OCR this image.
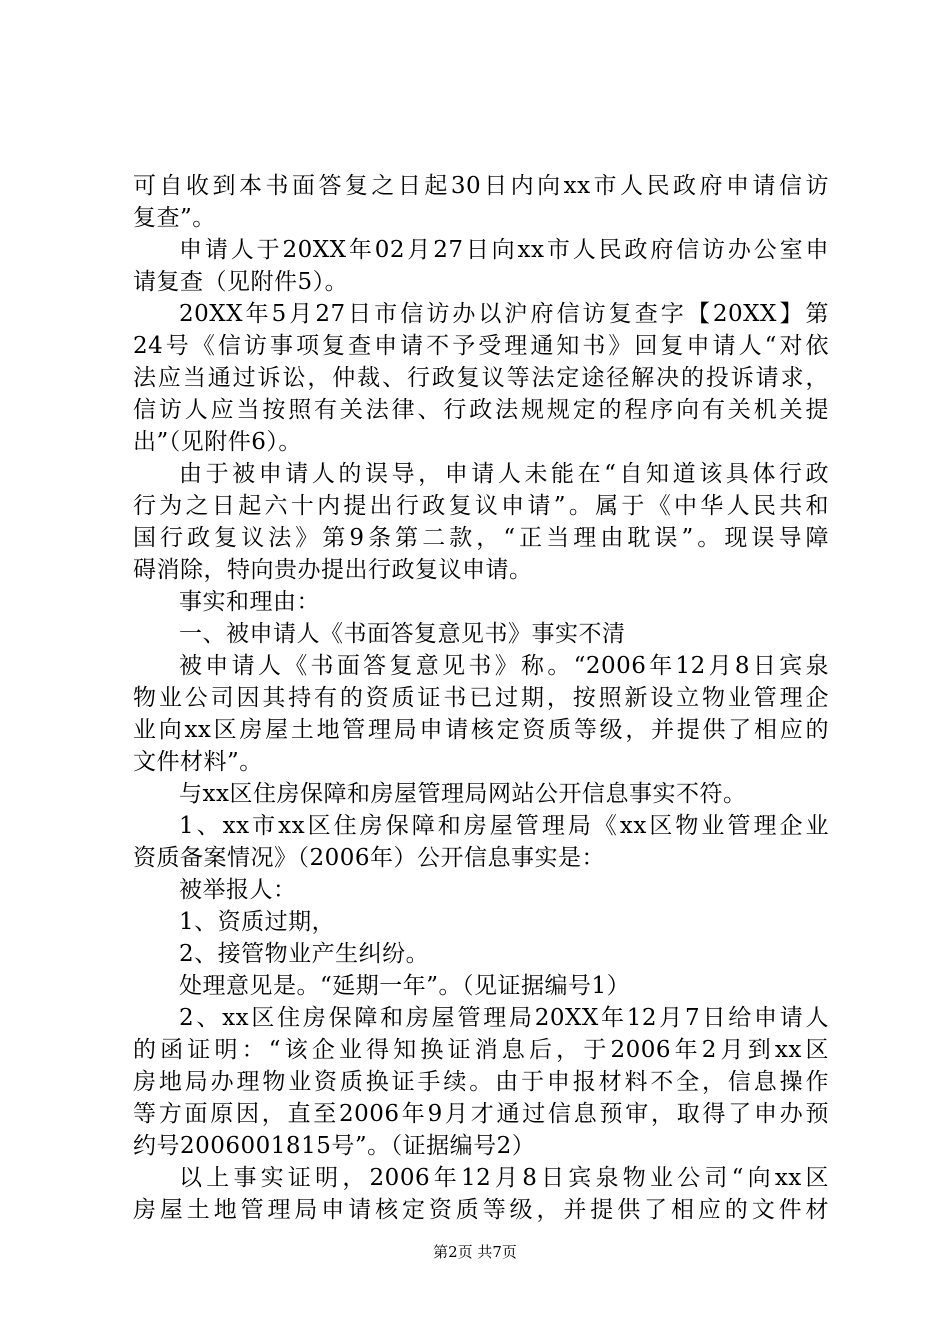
可自收到本书面答复之日起30日内向xx市人民政府申请信访
复查”。
申请人于20XX年02月27日向xx市人民政府信访办公室申
请复查（见附件5）。
20XX年5月27日市信访办以沪府信访复查字【20XX】第
24号《信访事项复查申请不予受理通知书》回复申请人“对依
法应当通过诉讼，仲裁、行政复议等法定途径解决的投诉请求，
信访人应当按照有关法律、行政法规规定的程序向有关机关提
出”（见附件6）。
由于被申请人的误导，申请人未能在“自知道该具体行政
行为之日起六十内提出行政复议申请”。属于《中华人民共和
国行政复议法》第9条第二款，“正当理由耽误”。现误导障
碍消除，特向贵办提出行政复议申请。
事实和理由：
一、被申请人《书面答复意见书》事实不清
被申请人《书面答复意见书》称。“2006年12月8日宾泉
物业公司因其持有的资质证书已过期，按照新设立物业管理企
业向xx区房屋土地管理局申请核定资质等级，并提供了相应的
文件材料”。
与xx区住房保障和房屋管理局网站公开信息事实不符。
1、xx市xx区住房保障和房屋管理局《xx区物业管理企业
资质备案情况》（2006年）公开信息事实是：
被举报人：
1、资质过期，
2、接管物业产生纠纷。
处理意见是。“延期一年”。（见证据编号1）
2、xx区住房保障和房屋管理局20XX年12月7日给申请人
的函证明：“该企业得知换证消息后，于2006年2月到xx区
房地局办理物业资质换证手续。由于申报材料不全，信息操作
等方面原因，直至2006年9月才通过信息预审，取得了申办预
约号2006001815号”。（证据编号2）
以上事实证明，2006年12月8日宾泉物业公司“向xx区
房屋土地管理局申请核定资质等级，并提供了相应的文件材
第2页 共7页
